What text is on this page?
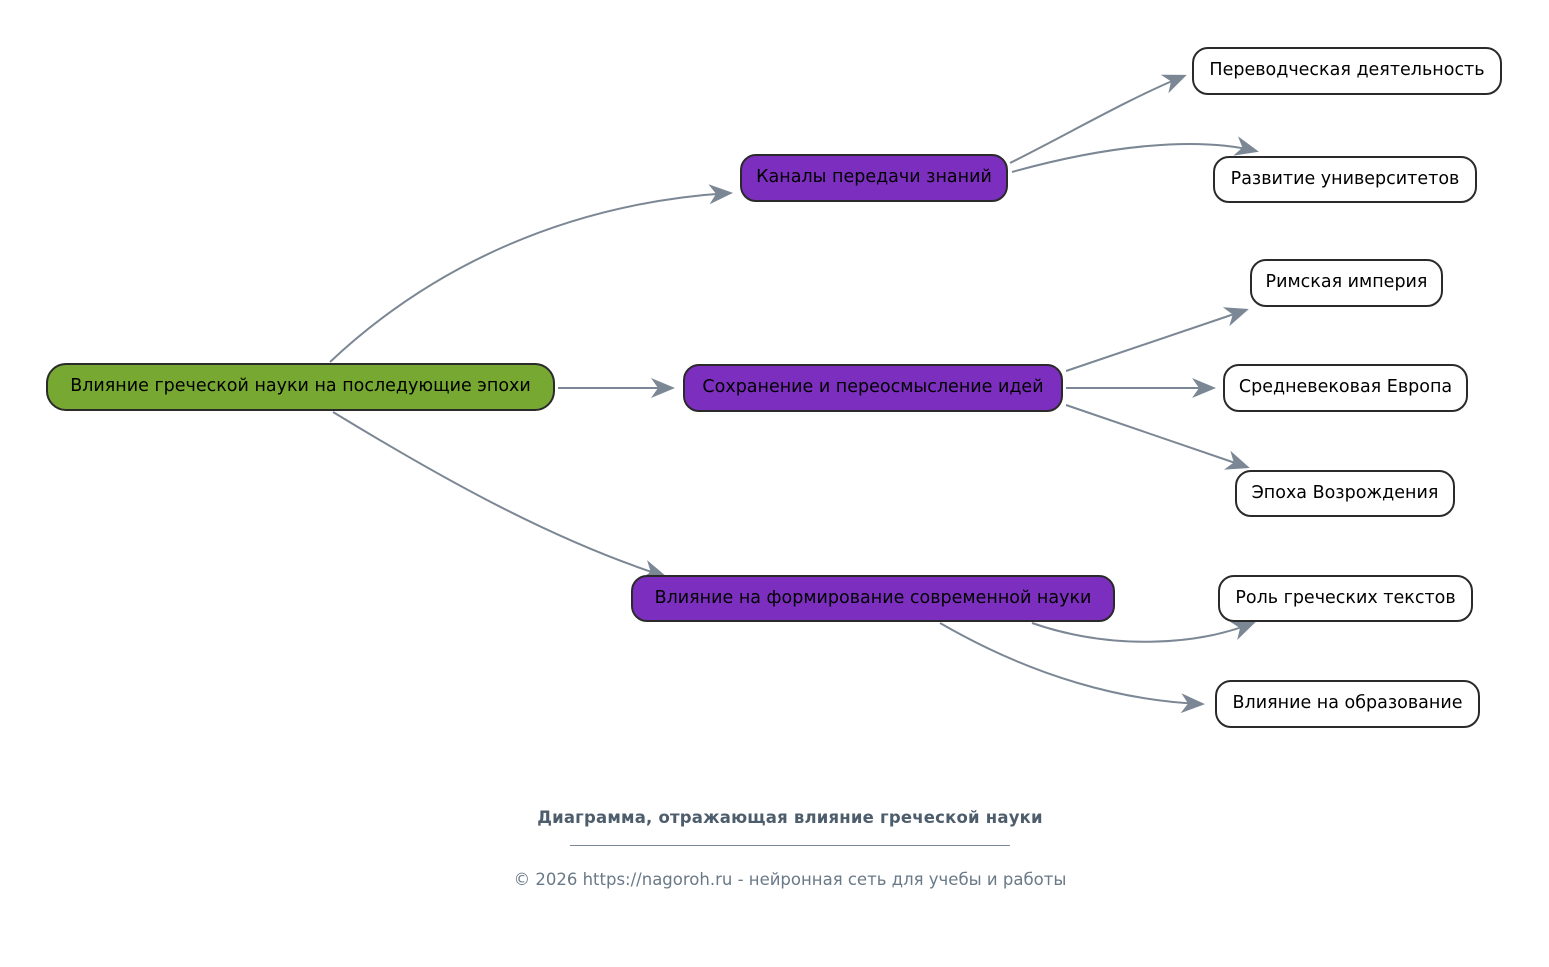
Влияние греческой науки на последующие эпохи
Каналы передачи знаний
Сохранение и переосмысление идей
Влияние на формирование современной науки
Переводческая деятельность
Развитие университетов
Римская империя
Средневековая Европа
Эпоха Возрождения
Роль греческих текстов
Влияние на образование
Диаграмма, отражающая влияние греческой науки
© 2026 https://nagoroh.ru - нейронная сеть для учебы и работы
